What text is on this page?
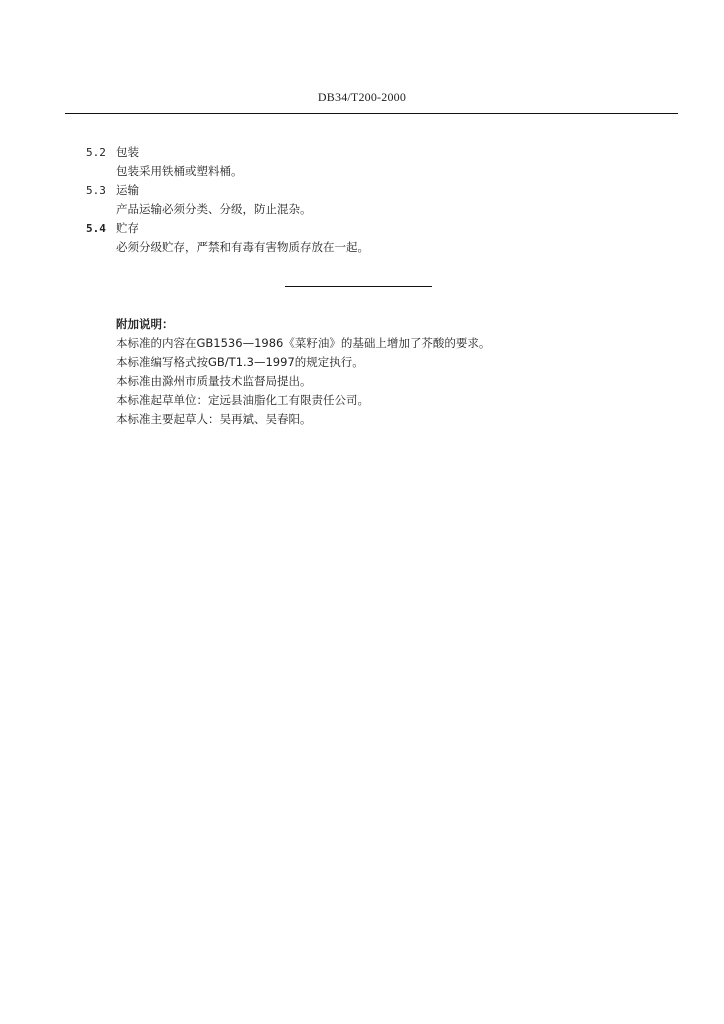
DB34/T200-2000
5.2 包装
包装采用铁桶或塑料桶。
5.3 运输
产品运输必须分类、分级，防止混杂。
5.4 贮存
必须分级贮存，严禁和有毒有害物质存放在一起。
附加说明：
本标准的内容在GB1536—1986《菜籽油》的基础上增加了芥酸的要求。
本标准编写格式按GB/T1.3—1997的规定执行。
本标准由滁州市质量技术监督局提出。
本标准起草单位：定远县油脂化工有限责任公司。
本标准主要起草人：吴再斌、吴春阳。
